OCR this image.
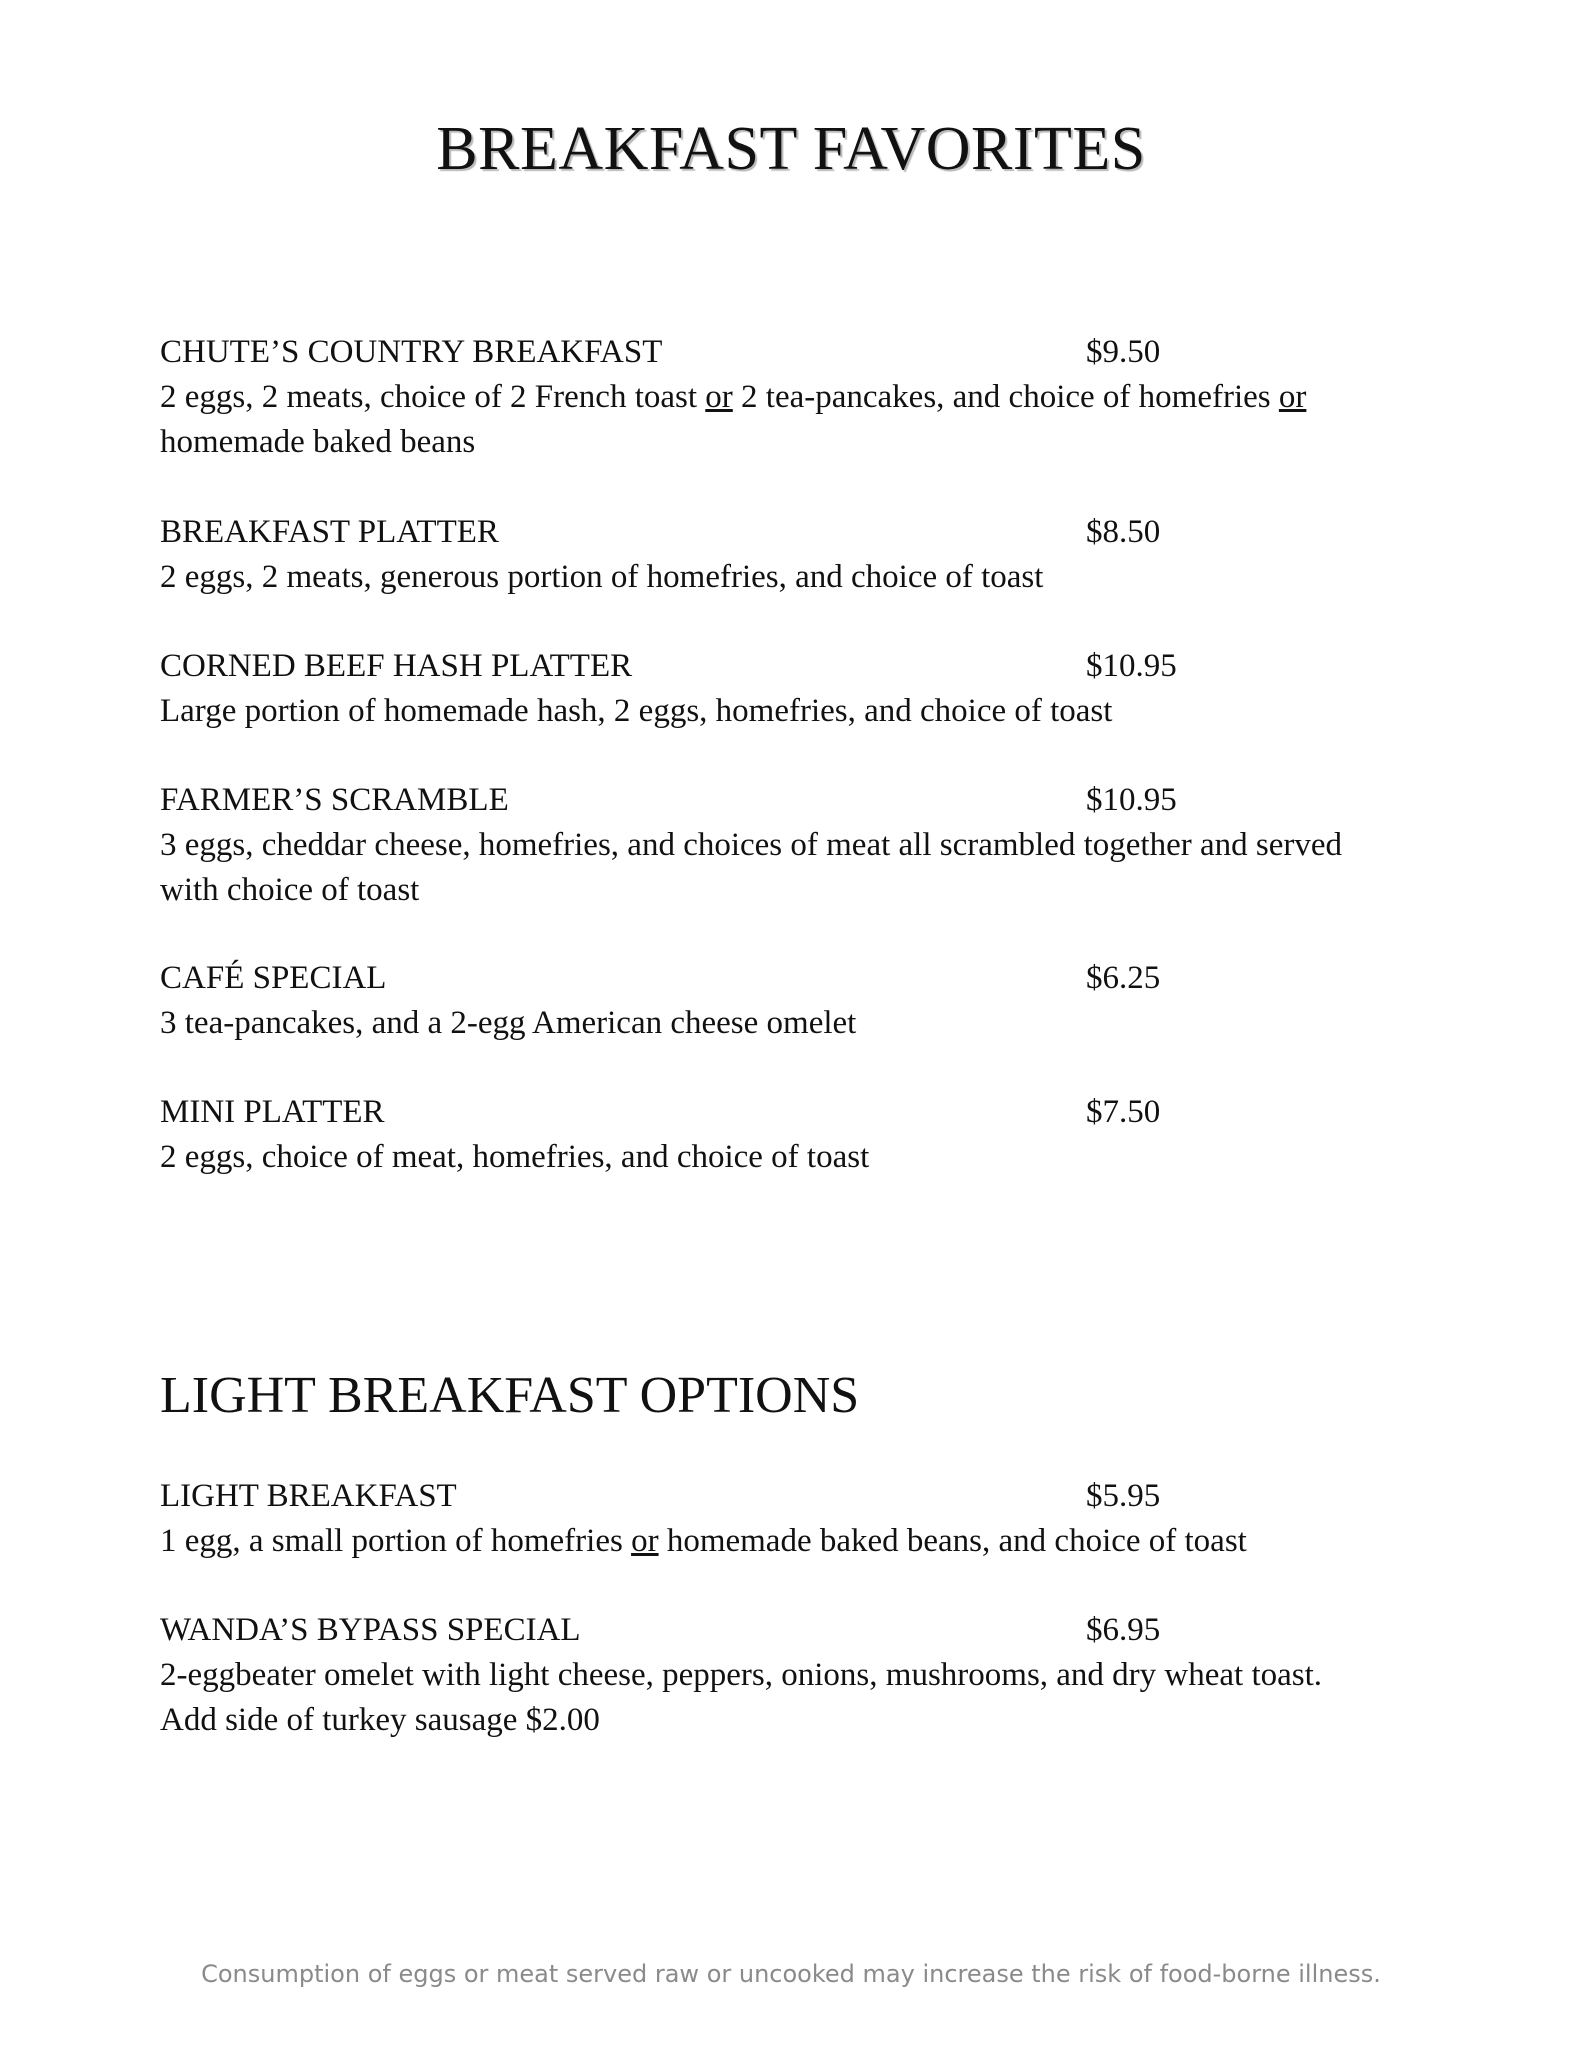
BREAKFAST FAVORITES
CHUTE’S COUNTRY BREAKFAST	$9.50

2 eggs, 2 meats, choice of 2 French toast or 2 tea-pancakes, and choice of homefries or homemade baked beans

BREAKFAST PLATTER	$8.50

2 eggs, 2 meats, generous portion of homefries, and choice of toast

CORNED BEEF HASH PLATTER	$10.95

Large portion of homemade hash, 2 eggs, homefries, and choice of toast

FARMER’S SCRAMBLE	$10.95

3 eggs, cheddar cheese, homefries, and choices of meat all scrambled together and served with choice of toast

CAFÉ SPECIAL	$6.25

3 tea-pancakes, and a 2-egg American cheese omelet

MINI PLATTER	$7.50

2 eggs, choice of meat, homefries, and choice of toast

LIGHT BREAKFAST OPTIONS
LIGHT BREAKFAST	$5.95

1 egg, a small portion of homefries or homemade baked beans, and choice of toast

WANDA’S BYPASS SPECIAL	$6.95

2-eggbeater omelet with light cheese, peppers, onions, mushrooms, and dry wheat toast.

Add side of turkey sausage $2.00

Consumption of eggs or meat served raw or uncooked may increase the risk of food-borne illness.
